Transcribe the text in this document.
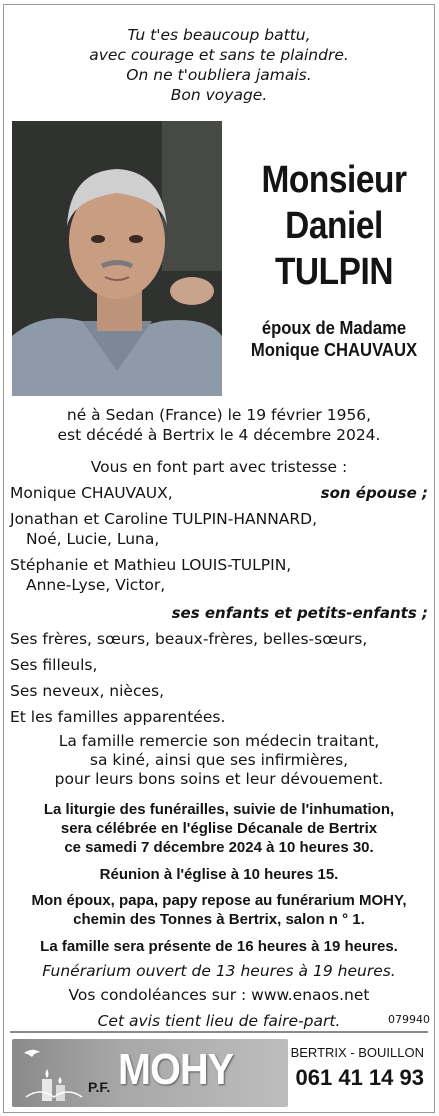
Tu t'es beaucoup battu,
avec courage et sans te plaindre.
On ne t'oubliera jamais.
Bon voyage.
Monsieur
Daniel
TULPIN
époux de Madame
Monique CHAUVAUX
né à Sedan (France) le 19 février 1956,
est décédé à Bertrix le 4 décembre 2024.
Vous en font part avec tristesse :
Monique CHAUVAUX,	son épouse ;
Jonathan et Caroline TULPIN-HANNARD,
Noé, Lucie, Luna,
Stéphanie et Mathieu LOUIS-TULPIN,
Anne-Lyse, Victor,
ses enfants et petits-enfants ;
Ses frères, sœurs, beaux-frères, belles-sœurs,
Ses filleuls,
Ses neveux, nièces,
Et les familles apparentées.
La famille remercie son médecin traitant,
sa kiné, ainsi que ses infirmières,
pour leurs bons soins et leur dévouement.
La liturgie des funérailles, suivie de l'inhumation,
sera célébrée en l'église Décanale de Bertrix
ce samedi 7 décembre 2024 à 10 heures 30.
Réunion à l'église à 10 heures 15.
Mon époux, papa, papy repose au funérarium MOHY,
chemin des Tonnes à Bertrix, salon n ° 1.
La famille sera présente de 16 heures à 19 heures.
Funérarium ouvert de 13 heures à 19 heures.
Vos condoléances sur : www.enaos.net
Cet avis tient lieu de faire-part.	079940
P.F. MOHY	BERTRIX - BOUILLON
061 41 14 93
